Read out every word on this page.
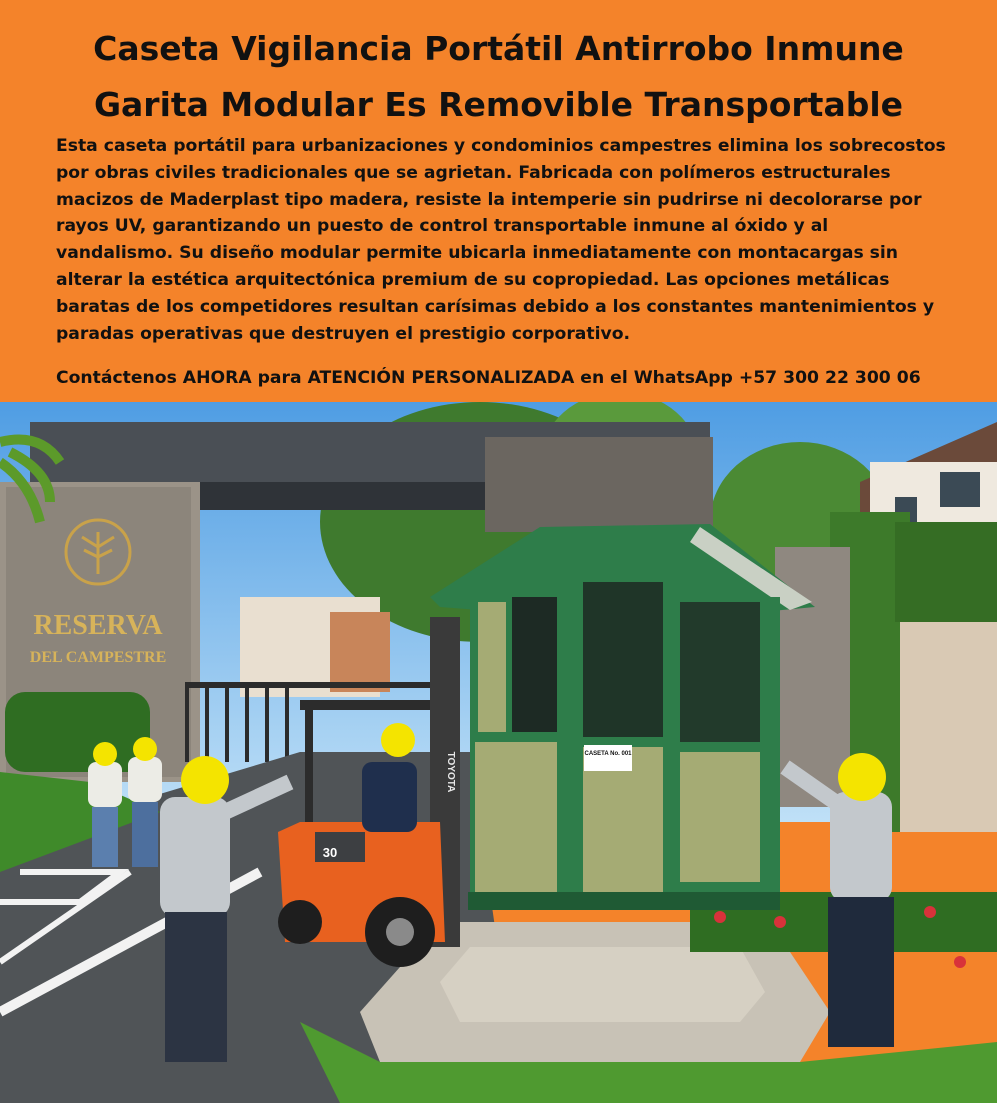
Caseta Vigilancia Portátil Antirrobo Inmune
Garita Modular Es Removible Transportable
Esta caseta portátil para urbanizaciones y condominios campestres elimina los sobrecostos
por obras civiles tradicionales que se agrietan. Fabricada con polímeros estructurales
macizos de Maderplast tipo madera, resiste la intemperie sin pudrirse ni decolorarse por
rayos UV, garantizando un puesto de control transportable inmune al óxido y al
vandalismo. Su diseño modular permite ubicarla inmediatamente con montacargas sin
alterar la estética arquitectónica premium de su copropiedad. Las opciones metálicas
baratas de los competidores resultan carísimas debido a los constantes mantenimientos y
paradas operativas que destruyen el prestigio corporativo.
Contáctenos AHORA para ATENCIÓN PERSONALIZADA en el WhatsApp +57 300 22 300 06
RESERVA
DEL CAMPESTRE
CASETA No. 001
TOYOTA
30
